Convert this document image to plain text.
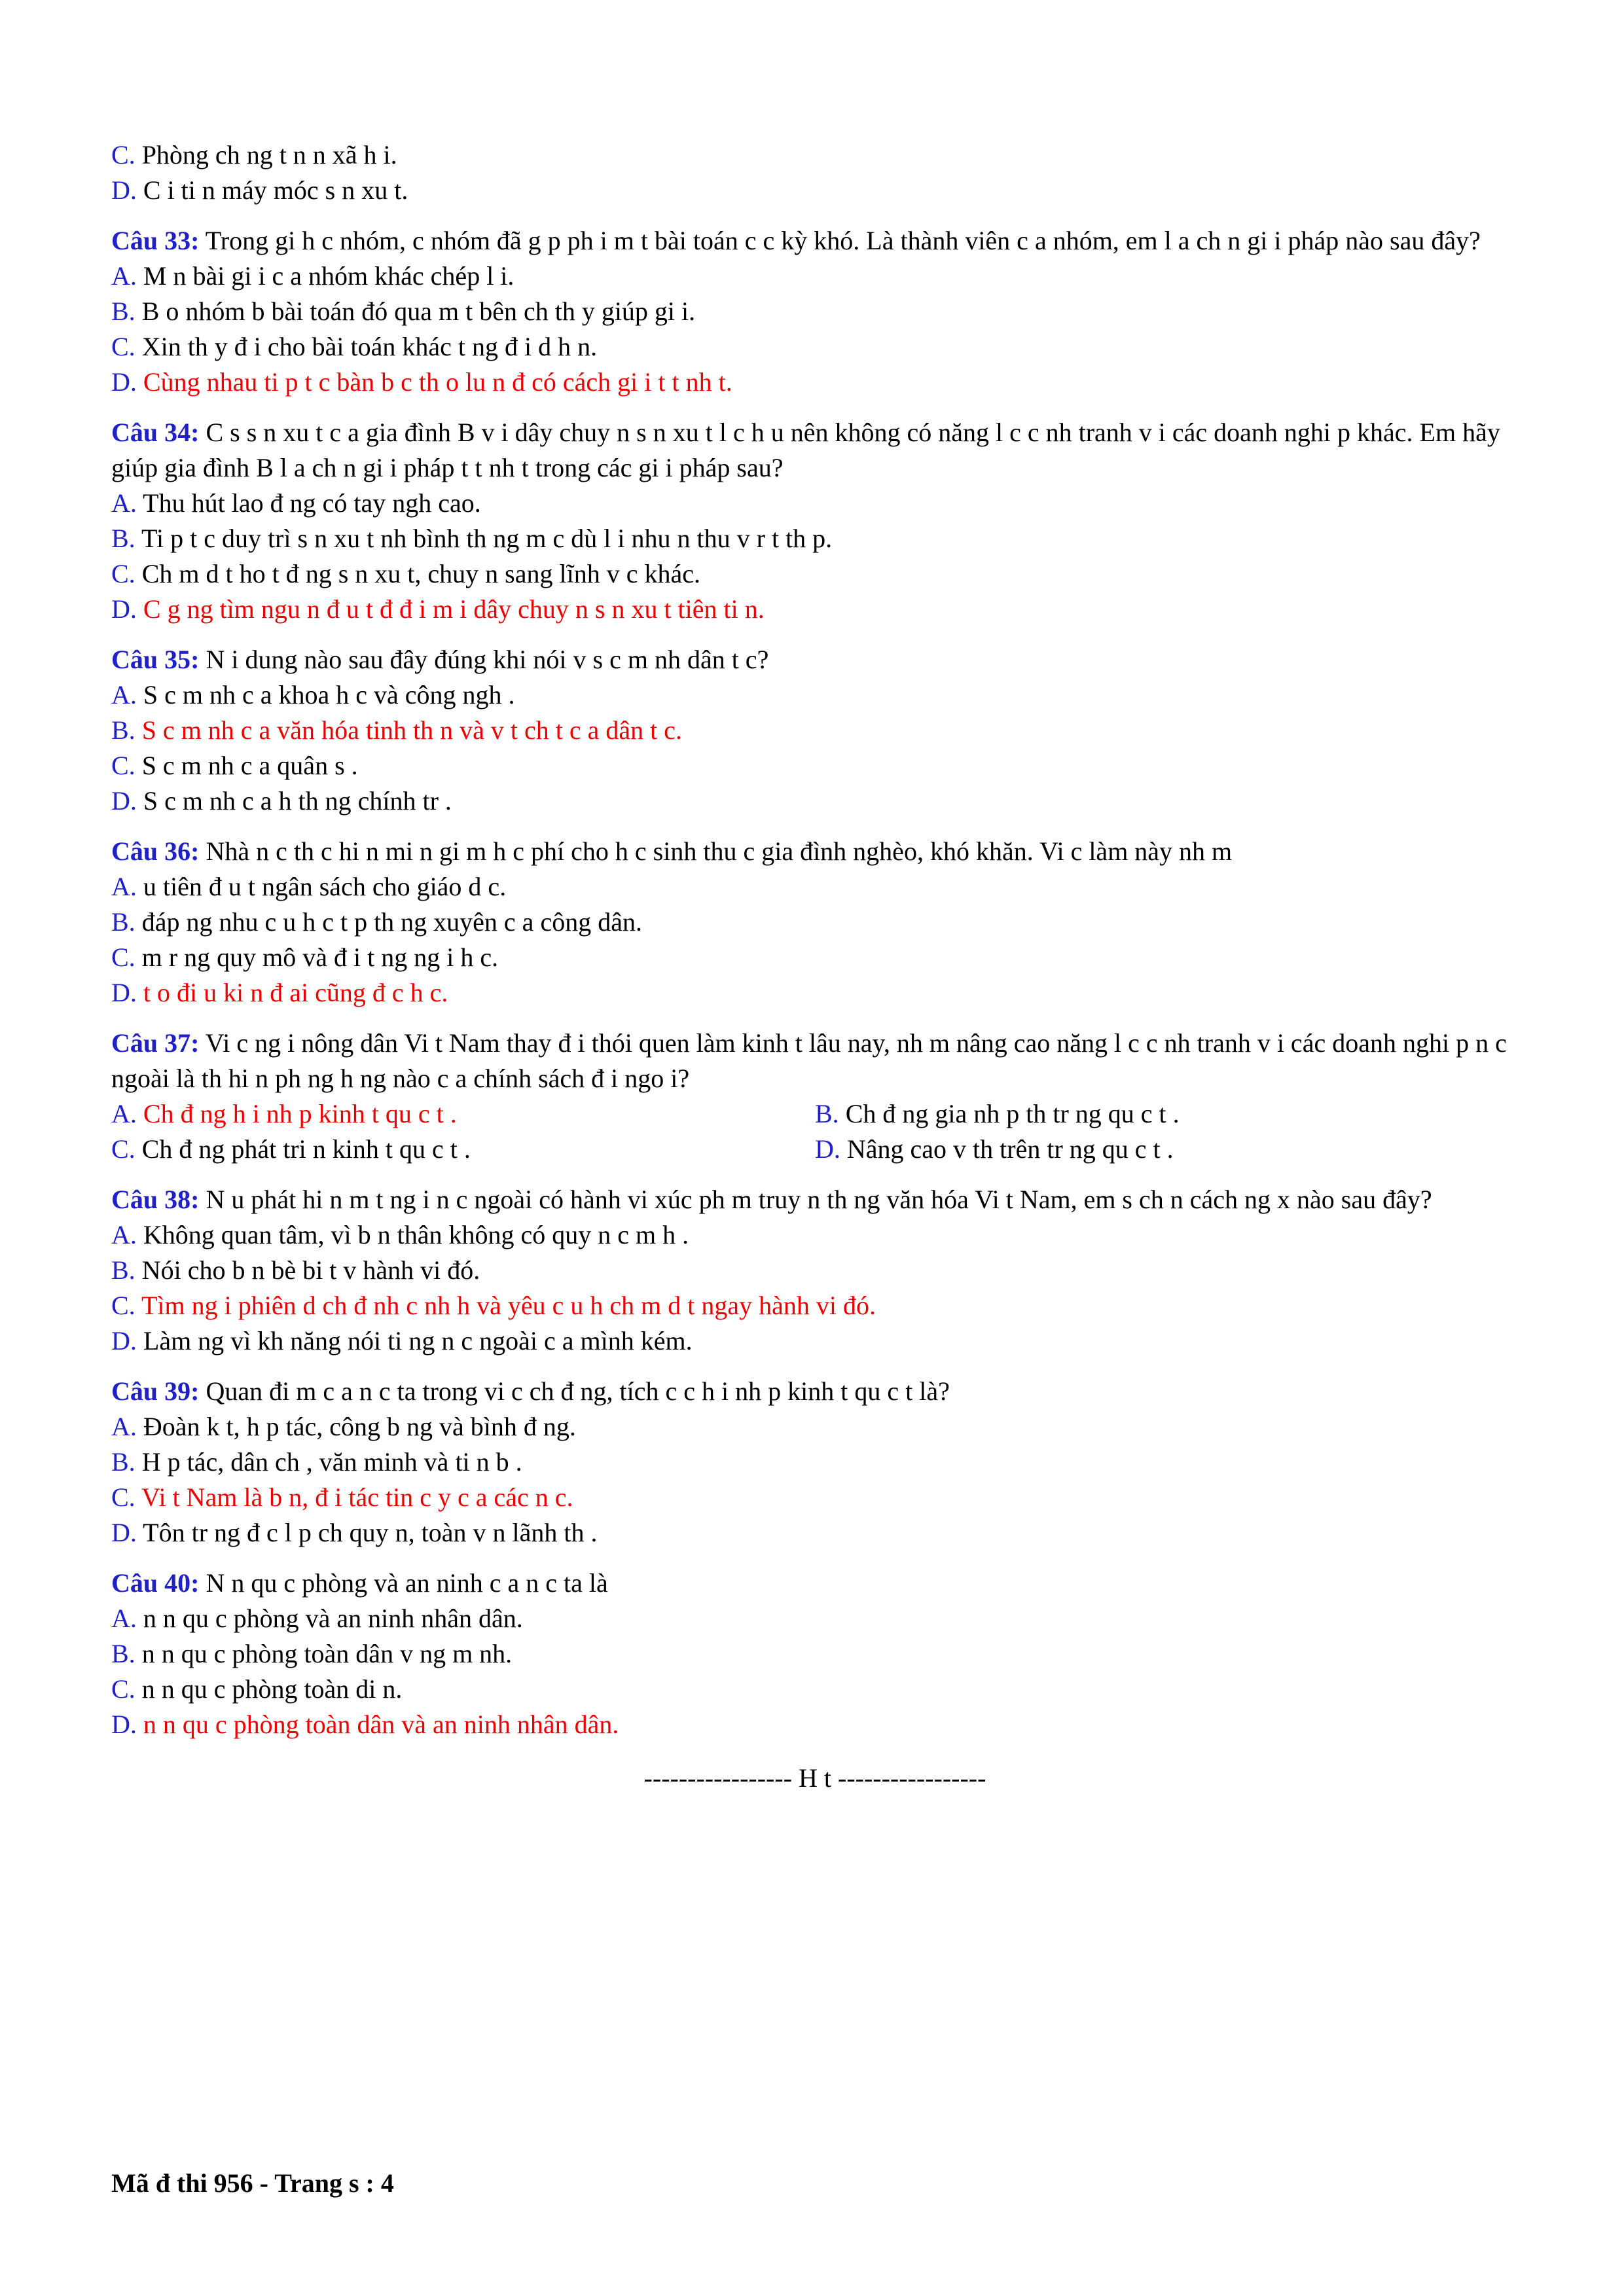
C. Phòng ch ng t n n xã h i.
D. C i ti n máy móc s n xu t.
Câu 33: Trong gi h c nhóm, c nhóm đã g p ph i m t bài toán c c kỳ khó. Là thành viên c a nhóm, em l a ch n gi i pháp nào sau đây?
A. M n bài gi i c a nhóm khác chép l i.
B. B o nhóm b bài toán đó qua m t bên ch th y giúp gi i.
C. Xin th y đ i cho bài toán khác t ng đ i d h n.
D. Cùng nhau ti p t c bàn b c th o lu n đ có cách gi i t t nh t.
Câu 34: C s s n xu t c a gia đình B v i dây chuy n s n xu t l c h u nên không có năng l c c nh tranh v i các doanh nghi p khác. Em hãy giúp gia đình B l a ch n gi i pháp t t nh t trong các gi i pháp sau?
A. Thu hút lao đ ng có tay ngh cao.
B. Ti p t c duy trì s n xu t nh bình th ng m c dù l i nhu n thu v r t th p.
C. Ch m d t ho t đ ng s n xu t, chuy n sang lĩnh v c khác.
D. C g ng tìm ngu n đ u t đ đ i m i dây chuy n s n xu t tiên ti n.
Câu 35: N i dung nào sau đây đúng khi nói v s c m nh dân t c?
A. S c m nh c a khoa h c và công ngh .
B. S c m nh c a văn hóa tinh th n và v t ch t c a dân t c.
C. S c m nh c a quân s .
D. S c m nh c a h th ng chính tr .
Câu 36: Nhà n c th c hi n mi n gi m h c phí cho h c sinh thu c gia đình nghèo, khó khăn. Vi c làm này nh m
A. u tiên đ u t ngân sách cho giáo d c.
B. đáp ng nhu c u h c t p th ng xuyên c a công dân.
C. m r ng quy mô và đ i t ng ng i h c.
D. t o đi u ki n đ ai cũng đ c h c.
Câu 37: Vi c ng i nông dân Vi t Nam thay đ i thói quen làm kinh t lâu nay, nh m nâng cao năng l c c nh tranh v i các doanh nghi p n c ngoài là th hi n ph ng h ng nào c a chính sách đ i ngo i?
A. Ch đ ng h i nh p kinh t qu c t .	B. Ch đ ng gia nh p th tr ng qu c t .
C. Ch đ ng phát tri n kinh t qu c t .	D. Nâng cao v th trên tr ng qu c t .
Câu 38: N u phát hi n m t ng i n c ngoài có hành vi xúc ph m truy n th ng văn hóa Vi t Nam, em s ch n cách ng x nào sau đây?
A. Không quan tâm, vì b n thân không có quy n c m h .
B. Nói cho b n bè bi t v hành vi đó.
C. Tìm ng i phiên d ch đ nh c nh h và yêu c u h ch m d t ngay hành vi đó.
D. Làm ng vì kh năng nói ti ng n c ngoài c a mình kém.
Câu 39: Quan đi m c a n c ta trong vi c ch đ ng, tích c c h i nh p kinh t qu c t là?
A. Đoàn k t, h p tác, công b ng và bình đ ng.
B. H p tác, dân ch , văn minh và ti n b .
C. Vi t Nam là b n, đ i tác tin c y c a các n c.
D. Tôn tr ng đ c l p ch quy n, toàn v n lãnh th .
Câu 40: N n qu c phòng và an ninh c a n c ta là
A. n n qu c phòng và an ninh nhân dân.
B. n n qu c phòng toàn dân v ng m nh.
C. n n qu c phòng toàn di n.
D. n n qu c phòng toàn dân và an ninh nhân dân.
----------------- H t -----------------
Mã đ thi 956 - Trang s : 4
